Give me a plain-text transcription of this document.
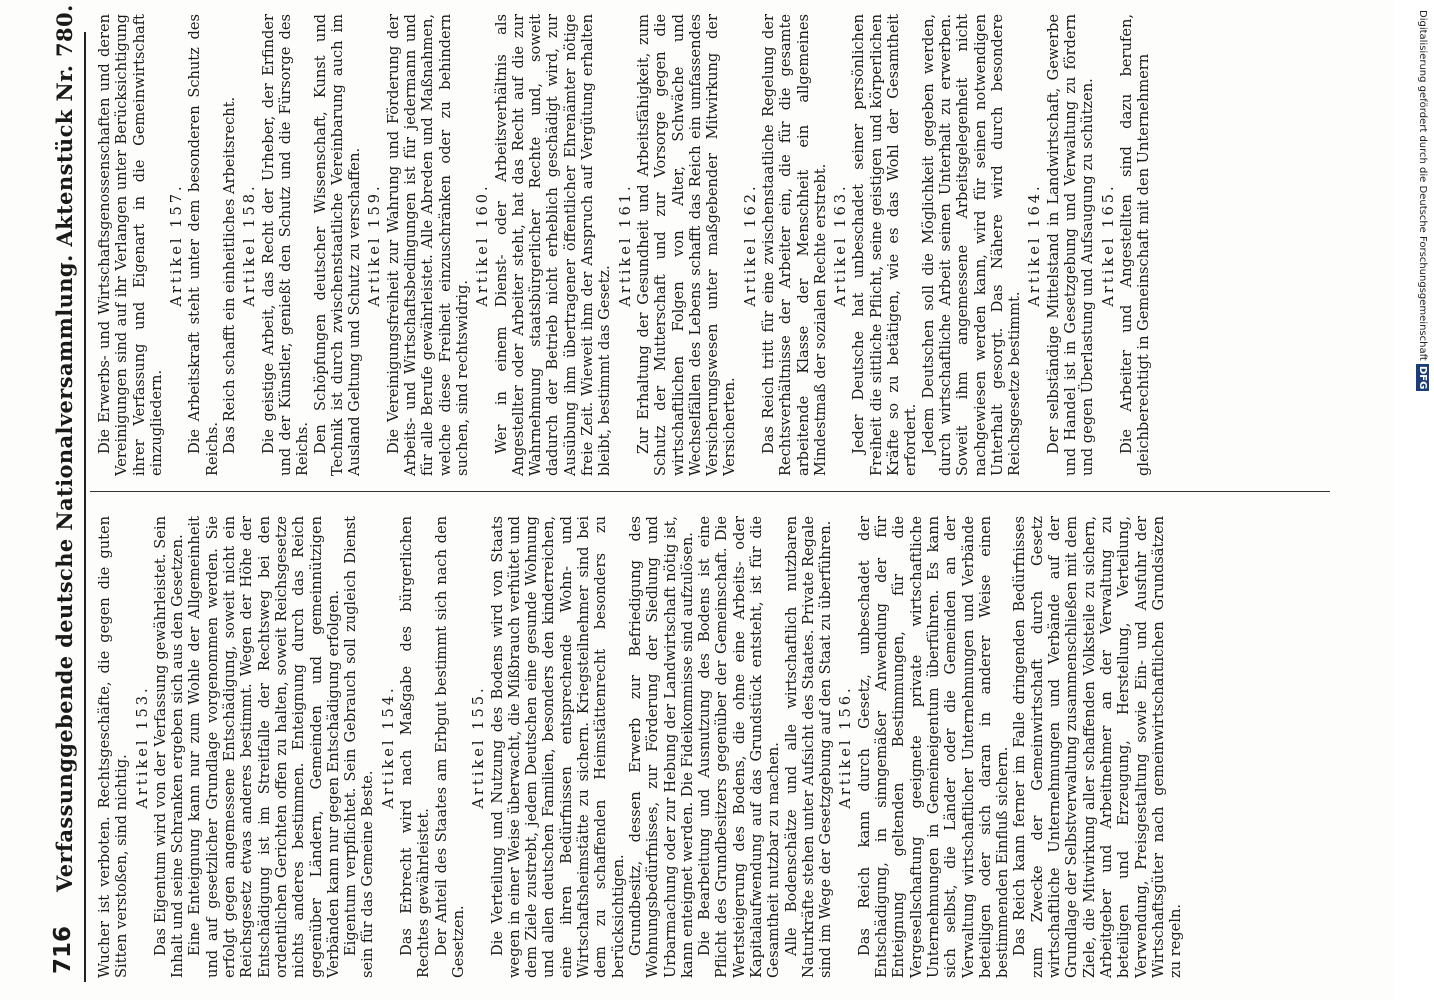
716
Verfassunggebende deutsche Nationalversammlung. Aktenstück Nr. 780. Wucher ist verboten. Rechtsgeschäfte, die gegen die guten Sitten verstoßen, sind nichtig.

Artikel 153. Das Eigentum wird von der Verfassung gewährleistet. Sein Inhalt und seine Schranken ergeben sich aus den Gesetzen. Eine Enteignung kann nur zum Wohle der Allgemeinheit und auf gesetzlicher Grundlage vorgenommen werden. Sie erfolgt gegen angemessene Entschädigung, soweit nicht ein Reichsgesetz etwas anderes bestimmt. Wegen der Höhe der Entschädigung ist im Streitfalle der Rechtsweg bei den ordentlichen Gerichten offen zu halten, soweit Reichsgesetze nichts anderes bestimmen. Enteignung durch das Reich gegenüber Ländern, Gemeinden und gemeinnützigen Verbänden kann nur gegen Entschädigung erfolgen. Eigentum verpflichtet. Sein Gebrauch soll zugleich Dienst sein für das Gemeine Beste.

Artikel 154. Das Erbrecht wird nach Maßgabe des bürgerlichen Rechtes gewährleistet. Der Anteil des Staates am Erbgut bestimmt sich nach den Gesetzen.

Artikel 155. Die Verteilung und Nutzung des Bodens wird von Staats wegen in einer Weise überwacht, die Mißbrauch verhütet und dem Ziele zustrebt, jedem Deutschen eine gesunde Wohnung und allen deutschen Familien, besonders den kinderreichen, eine ihren Bedürfnissen entsprechende Wohn- und Wirtschaftsheimstätte zu sichern. Kriegsteilnehmer sind bei dem zu schaffenden Heimstättenrecht besonders zu berücksichtigen. Grundbesitz, dessen Erwerb zur Befriedigung des Wohnungsbedürfnisses, zur Förderung der Siedlung und Urbarmachung oder zur Hebung der Landwirtschaft nötig ist, kann enteignet werden. Die Fideikommisse sind aufzulösen. Die Bearbeitung und Ausnutzung des Bodens ist eine Pflicht des Grundbesitzers gegenüber der Gemeinschaft. Die Wertsteigerung des Bodens, die ohne eine Arbeits- oder Kapitalaufwendung auf das Grundstück entsteht, ist für die Gesamtheit nutzbar zu machen. Alle Bodenschätze und alle wirtschaftlich nutzbaren Naturkräfte stehen unter Aufsicht des Staates. Private Regale sind im Wege der Gesetzgebung auf den Staat zu überführen. Artikel 156. Das Reich kann durch Gesetz, unbeschadet der Entschädigung, in sinngemäßer Anwendung der für Enteignung geltenden Bestimmungen, für die Vergesellschaftung geeignete private wirtschaftliche Unternehmungen in Gemeineigentum überführen. Es kann sich selbst, die Länder oder die Gemeinden an der Verwaltung wirtschaftlicher Unternehmungen und Verbände beteiligen oder sich daran in anderer Weise einen bestimmenden Einfluß sichern. Das Reich kann ferner im Falle dringenden Bedürfnisses zum Zwecke der Gemeinwirtschaft durch Gesetz wirtschaftliche Unternehmungen und Verbände auf der Grundlage der Selbstverwaltung zusammenschließen mit dem Ziele, die Mitwirkung aller schaffenden Volksteile zu sichern, Arbeitgeber und Arbeitnehmer an der Verwaltung zu beteiligen und Erzeugung, Herstellung, Verteilung, Verwendung, Preisgestaltung sowie Ein- und Ausfuhr der Wirtschaftsgüter nach gemeinwirtschaftlichen Grundsätzen zu regeln.

Die Erwerbs- und Wirtschaftsgenossenschaften und deren Vereinigungen sind auf ihr Verlangen unter Berücksichtigung ihrer Verfassung und Eigenart in die Gemeinwirtschaft einzugliedern.

Artikel 157. Die Arbeitskraft steht unter dem besonderen Schutz des Reichs. Das Reich schafft ein einheitliches Arbeitsrecht. Artikel 158. Die geistige Arbeit, das Recht der Urheber, der Erfinder und der Künstler, genießt den Schutz und die Fürsorge des Reichs. Den Schöpfungen deutscher Wissenschaft, Kunst und Technik ist durch zwischenstaatliche Vereinbarung auch im Ausland Geltung und Schutz zu verschaffen. Artikel 159. Die Vereinigungsfreiheit zur Wahrung und Förderung der Arbeits- und Wirtschaftsbedingungen ist für jedermann und für alle Berufe gewährleistet. Alle Abreden und Maßnahmen, welche diese Freiheit einzuschränken oder zu behindern suchen, sind rechtswidrig.

Artikel 160. Wer in einem Dienst- oder Arbeitsverhältnis als Angestellter oder Arbeiter steht, hat das Recht auf die zur Wahrnehmung staatsbürgerlicher Rechte und, soweit dadurch der Betrieb nicht erheblich geschädigt wird, zur Ausübung ihm übertragener öffentlicher Ehrenämter nötige freie Zeit. Wieweit ihm der Anspruch auf Vergütung erhalten bleibt, bestimmt das Gesetz.

Artikel 161. Zur Erhaltung der Gesundheit und Arbeitsfähigkeit, zum Schutz der Mutterschaft und zur Vorsorge gegen die wirtschaftlichen Folgen von Alter, Schwäche und Wechselfällen des Lebens schafft das Reich ein umfassendes Versicherungswesen unter maßgebender Mitwirkung der Versicherten.

Artikel 162. Das Reich tritt für eine zwischenstaatliche Regelung der Rechtsverhältnisse der Arbeiter ein, die für die gesamte arbeitende Klasse der Menschheit ein allgemeines Mindestmaß der sozialen Rechte erstrebt. Artikel 163. Jeder Deutsche hat unbeschadet seiner persönlichen Freiheit die sittliche Pflicht, seine geistigen und körperlichen Kräfte so zu betätigen, wie es das Wohl der Gesamtheit erfordert. Jedem Deutschen soll die Möglichkeit gegeben werden, durch wirtschaftliche Arbeit seinen Unterhalt zu erwerben. Soweit ihm angemessene Arbeitsgelegenheit nicht nachgewiesen werden kann, wird für seinen notwendigen Unterhalt gesorgt. Das Nähere wird durch besondere Reichsgesetze bestimmt.

Artikel 164. Der selbständige Mittelstand in Landwirtschaft, Gewerbe und Handel ist in Gesetzgebung und Verwaltung zu fördern und gegen Überlastung und Aufsaugung zu schützen. Artikel 165. Die Arbeiter und Angestellten sind dazu berufen, gleichberechtigt in Gemeinschaft mit den Unternehmern	Digitalisierung gefördert durch die Deutsche Forschungsgemeinschaft DFG
